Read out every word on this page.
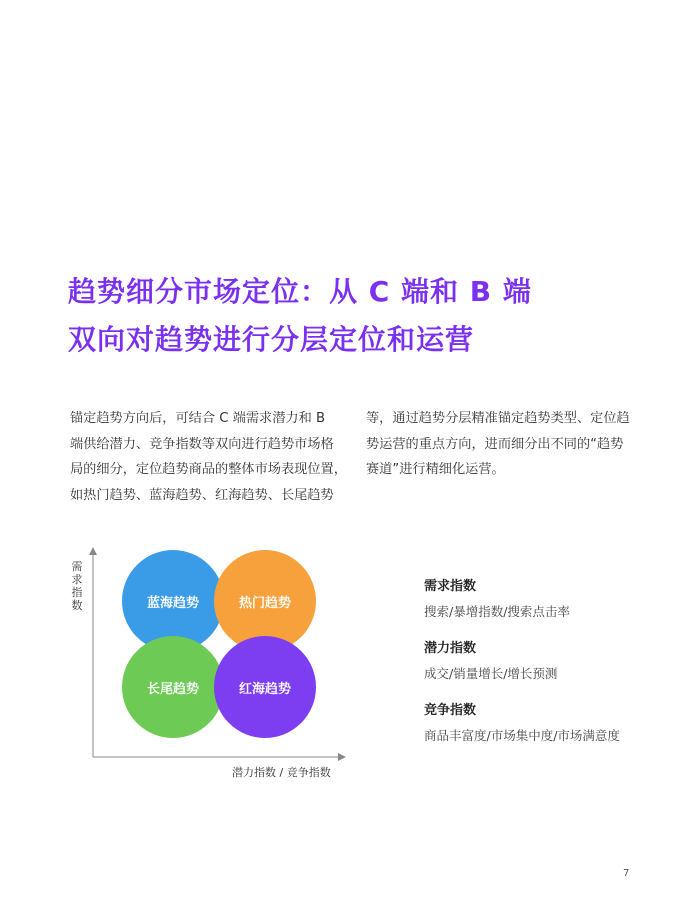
趋势细分市场定位：从 C 端和 B 端
双向对趋势进行分层定位和运营

锚定趋势方向后，可结合 C 端需求潜力和 B
端供给潜力、竞争指数等双向进行趋势市场格
局的细分，定位趋势商品的整体市场表现位置，
如热门趋势、蓝海趋势、红海趋势、长尾趋势

等，通过趋势分层精准锚定趋势类型、定位趋
势运营的重点方向，进而细分出不同的“趋势
赛道”进行精细化运营。

需
求
指
数
潜力指数 / 竞争指数
蓝海趋势	热门趋势
长尾趋势	红海趋势
需求指数
搜索/暴增指数/搜索点击率
潜力指数
成交/销量增长/增长预测
竞争指数
商品丰富度/市场集中度/市场满意度
7
